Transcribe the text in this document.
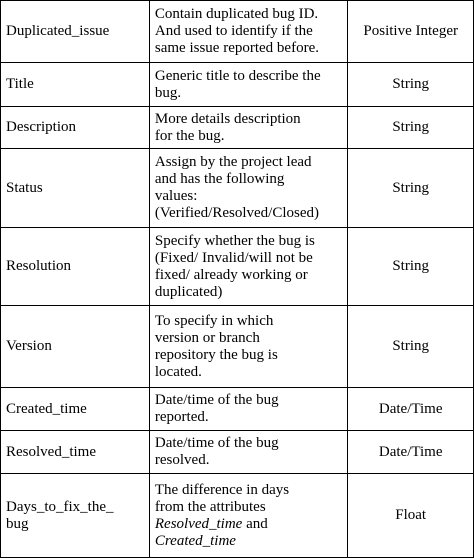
Duplicated_issue	Contain duplicated bug ID.
And used to identify if the
same issue reported before.	Positive Integer
Title	Generic title to describe the
bug.	String
Description	More details description
for the bug.	String
Status	Assign by the project lead
and has the following
values:
(Verified/Resolved/Closed)	String
Resolution	Specify whether the bug is
(Fixed/ Invalid/will not be
fixed/ already working or
duplicated)	String
Version	To specify in which
version or branch
repository the bug is
located.	String
Created_time	Date/time of the bug
reported.	Date/Time
Resolved_time	Date/time of the bug
resolved.	Date/Time

Days_to_fix_the_
bug	The difference in days
from the attributes
Resolved_time and
Created_time	Float
